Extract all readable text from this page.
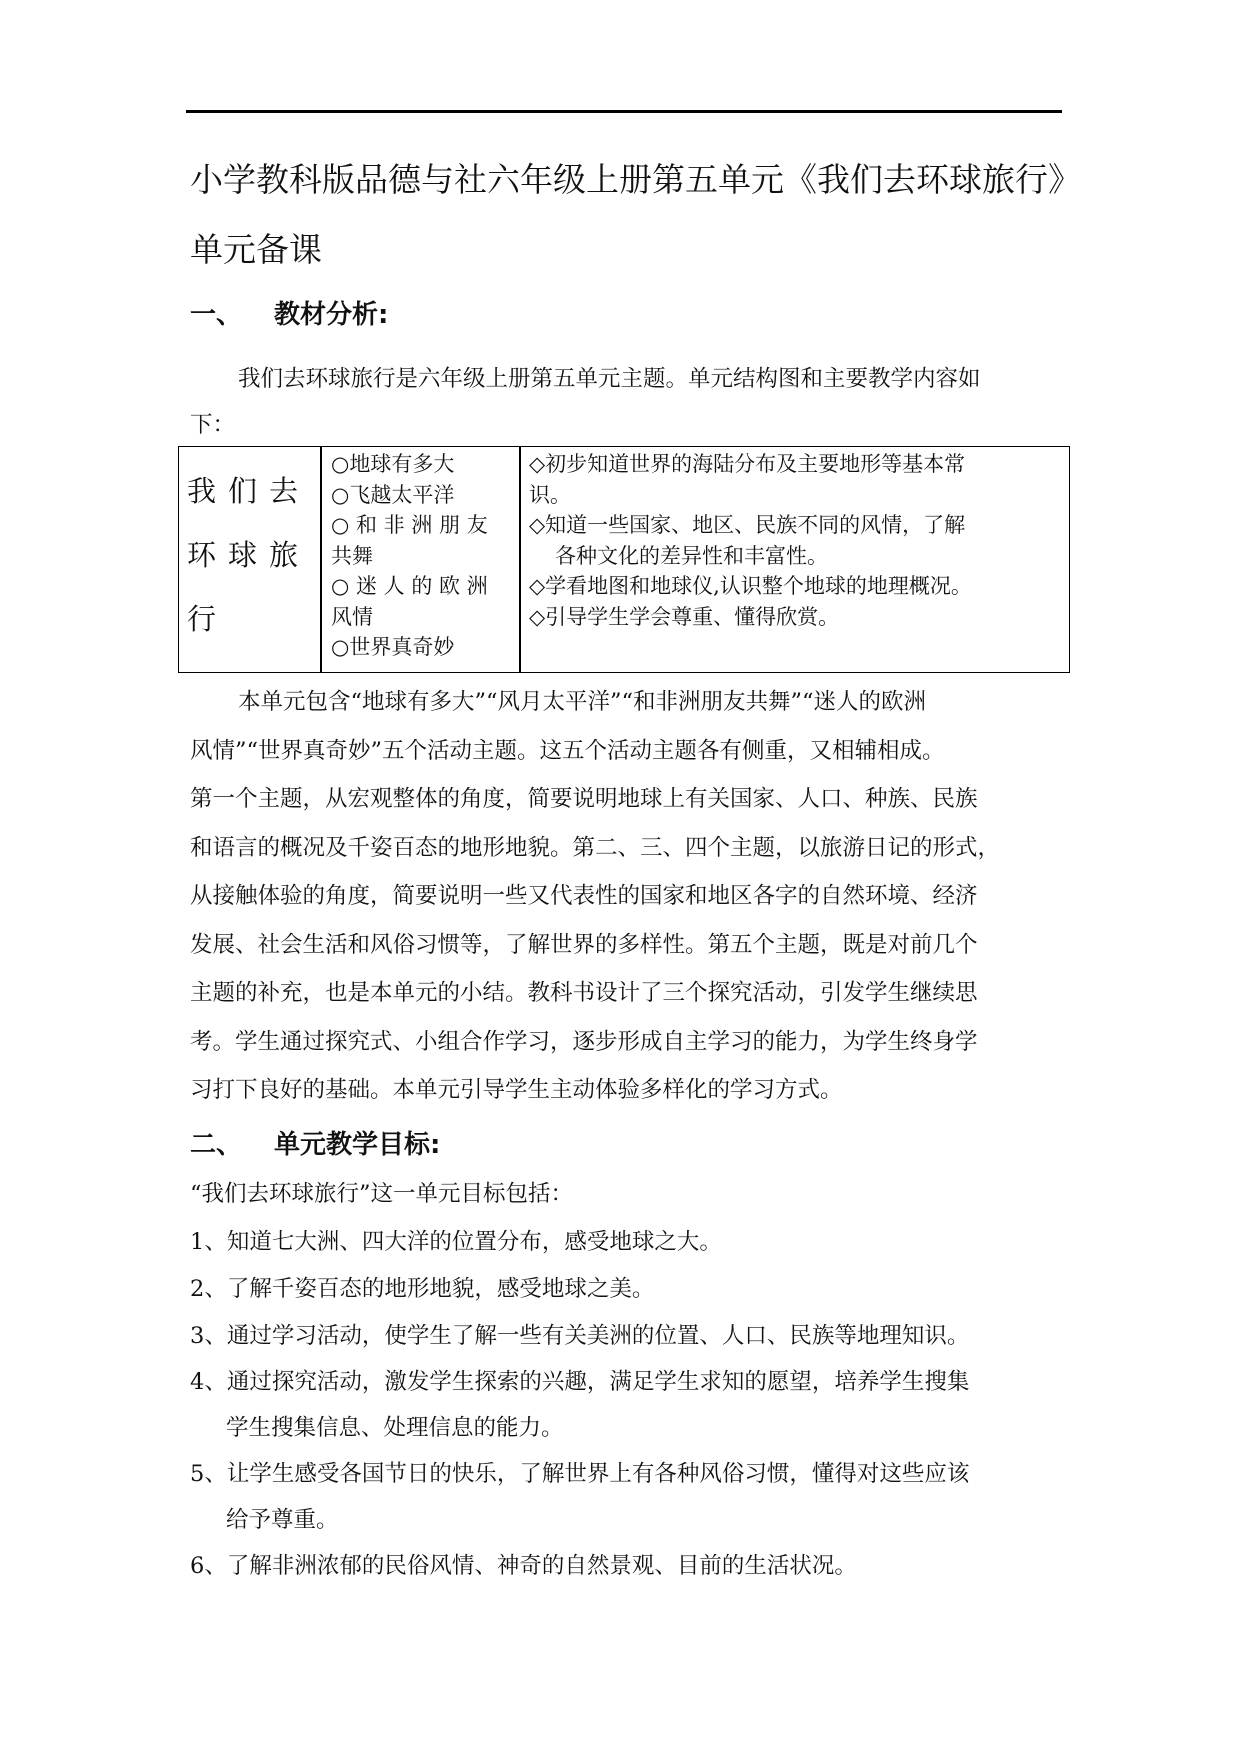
小学教科版品德与社六年级上册第五单元《我们去环球旅行》
单元备课
一、 教材分析:
我们去环球旅行是六年级上册第五单元主题。单元结构图和主要教学内容如
下：
我们去
环球旅
行
○地球有多大
○飞越太平洋
○ 和 非 洲 朋 友
共舞
○ 迷 人 的 欧 洲
风情
○世界真奇妙
◇初步知道世界的海陆分布及主要地形等基本常
识。
◇知道一些国家、地区、民族不同的风情，了解
各种文化的差异性和丰富性。
◇学看地图和地球仪,认识整个地球的地理概况。
◇引导学生学会尊重、懂得欣赏。
本单元包含“地球有多大”“风月太平洋”“和非洲朋友共舞”“迷人的欧洲
风情”“世界真奇妙”五个活动主题。这五个活动主题各有侧重，又相辅相成。
第一个主题，从宏观整体的角度，简要说明地球上有关国家、人口、种族、民族
和语言的概况及千姿百态的地形地貌。第二、三、四个主题，以旅游日记的形式，
从接触体验的角度，简要说明一些又代表性的国家和地区各字的自然环境、经济
发展、社会生活和风俗习惯等，了解世界的多样性。第五个主题，既是对前几个
主题的补充，也是本单元的小结。教科书设计了三个探究活动，引发学生继续思
考。学生通过探究式、小组合作学习，逐步形成自主学习的能力，为学生终身学
习打下良好的基础。本单元引导学生主动体验多样化的学习方式。
二、 单元教学目标:
“我们去环球旅行”这一单元目标包括：
1、知道七大洲、四大洋的位置分布，感受地球之大。
2、了解千姿百态的地形地貌，感受地球之美。
3、通过学习活动，使学生了解一些有关美洲的位置、人口、民族等地理知识。
4、通过探究活动，激发学生探索的兴趣，满足学生求知的愿望，培养学生搜集
学生搜集信息、处理信息的能力。
5、让学生感受各国节日的快乐，了解世界上有各种风俗习惯，懂得对这些应该
给予尊重。
6、了解非洲浓郁的民俗风情、神奇的自然景观、目前的生活状况。
